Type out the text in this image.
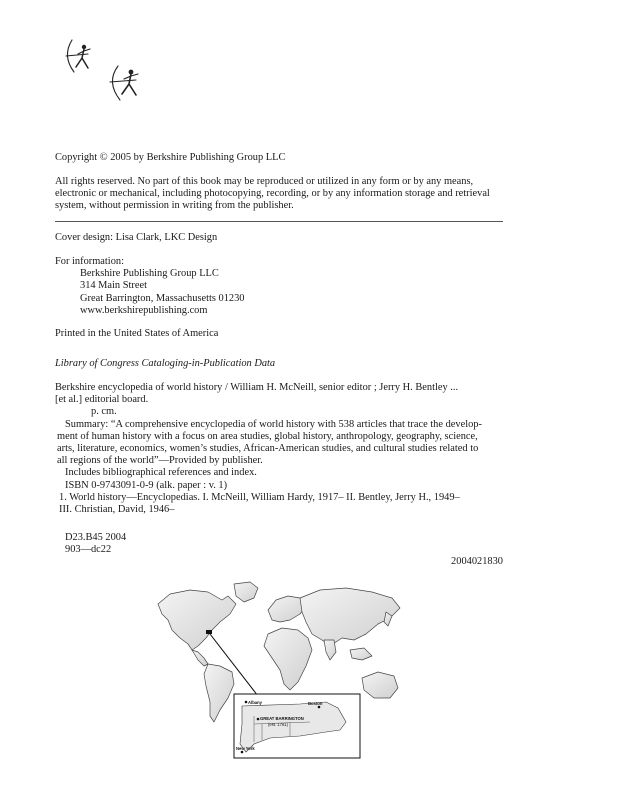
Copyright © 2005 by Berkshire Publishing Group LLC
All rights reserved. No part of this book may be reproduced or utilized in any form or by any means,
electronic or mechanical, including photocopying, recording, or by any information storage and retrieval
system, without permission in writing from the publisher.
Cover design: Lisa Clark, LKC Design
For information:
Berkshire Publishing Group LLC
314 Main Street
Great Barrington, Massachusetts 01230
www.berkshirepublishing.com
Printed in the United States of America
Library of Congress Cataloging-in-Publication Data
Berkshire encyclopedia of world history / William H. McNeill, senior editor ; Jerry H. Bentley ...
[et al.] editorial board.
p. cm.
Summary: “A comprehensive encyclopedia of world history with 538 articles that trace the develop-
ment of human history with a focus on area studies, global history, anthropology, geography, science,
arts, literature, economics, women’s studies, African-American studies, and cultural studies related to
all regions of the world”—Provided by publisher.
Includes bibliographical references and index.
ISBN 0-9743091-0-9 (alk. paper : v. 1)
1. World history—Encyclopedias. I. McNeill, William Hardy, 1917– II. Bentley, Jerry H., 1949–
III. Christian, David, 1946–
D23.B45 2004
903—dc22
2004021830
Albany	Boston
GREAT BARRINGTON
(est. 1761)
New York
